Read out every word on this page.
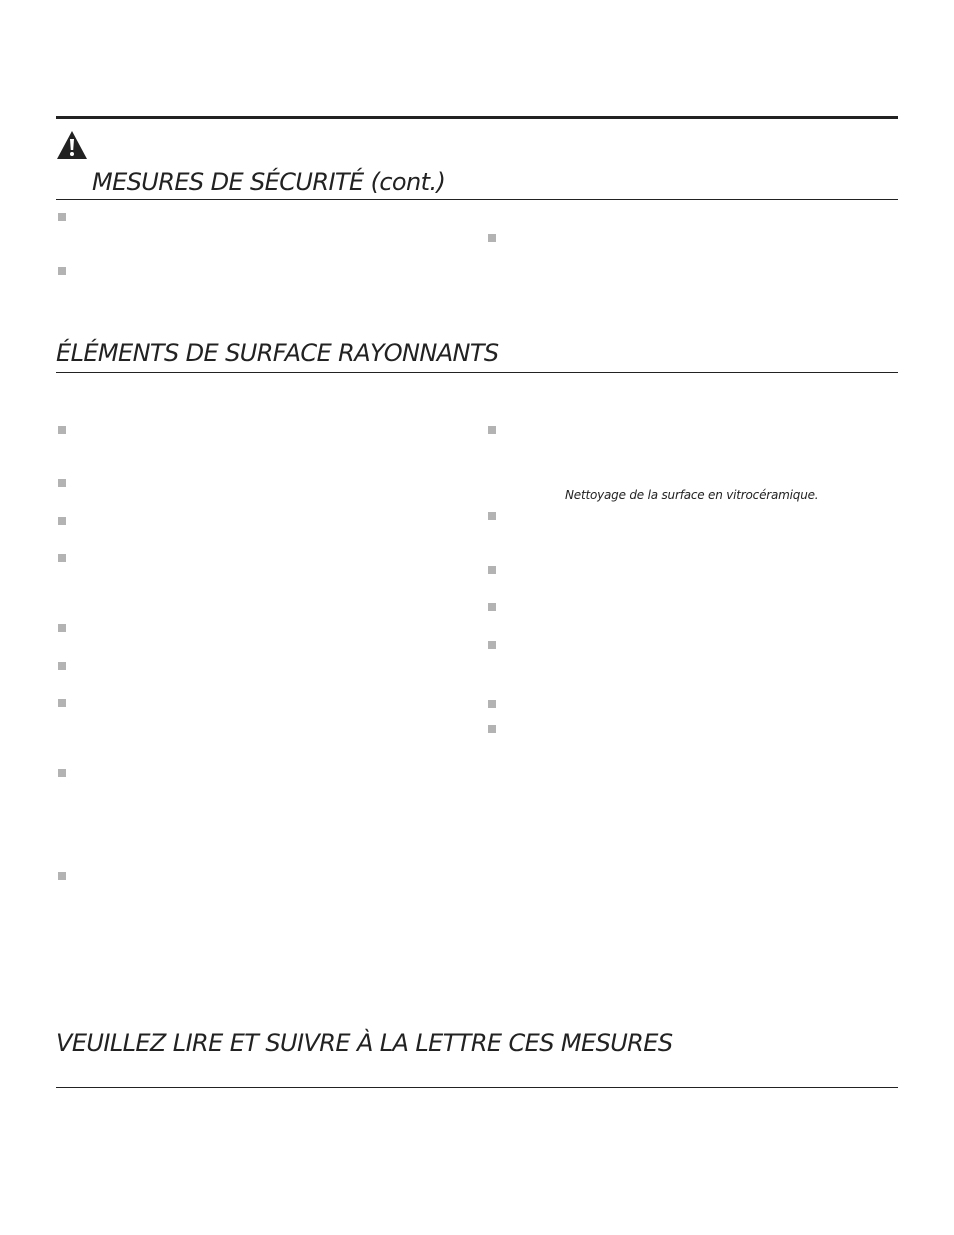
MESURES DE SÉCURITÉ (cont.)
ÉLÉMENTS DE SURFACE RAYONNANTS

Nettoyage de la surface en vitrocéramique.

VEUILLEZ LIRE ET SUIVRE À LA LETTRE CES MESURES
